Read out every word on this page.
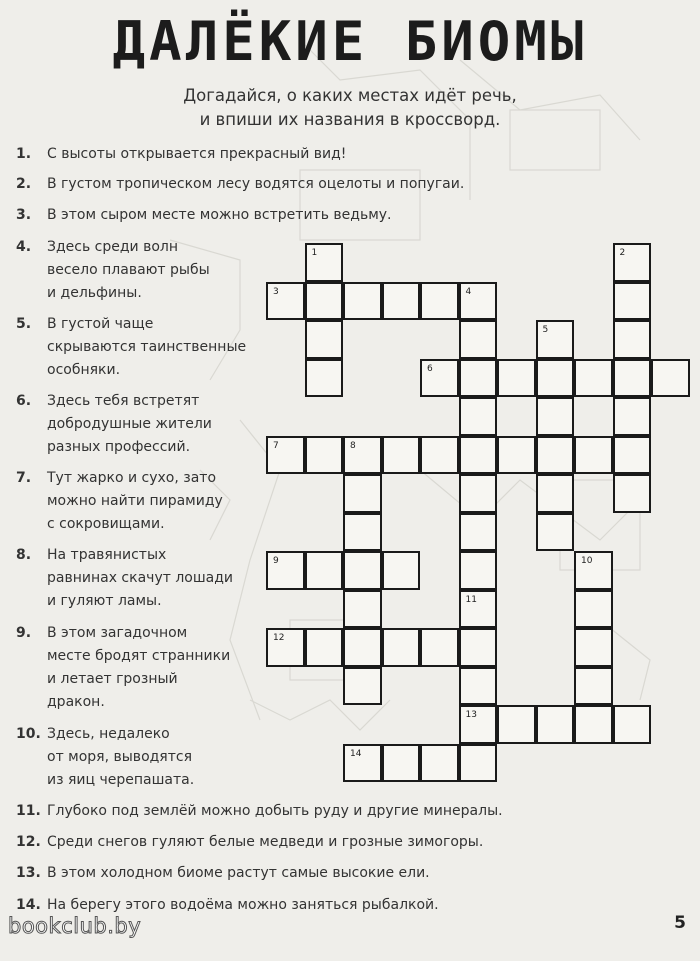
ДАЛЁКИЕ БИОМЫ
Догадайся, о каких местах идёт речь,
и впиши их названия в кроссворд.
1. С высоты открывается прекрасный вид!
2. В густом тропическом лесу водятся оцелоты и попугаи.
3. В этом сыром месте можно встретить ведьму.
4. Здесь среди волн
весело плавают рыбы
и дельфины.
5. В густой чаще
скрываются таинственные
особняки.
6. Здесь тебя встретят
добродушные жители
разных профессий.
7. Тут жарко и сухо, зато
можно найти пирамиду
с сокровищами.
8. На травянистых
равнинах скачут лошади
и гуляют ламы.
9. В этом загадочном
месте бродят странники
и летает грозный
дракон.
10. Здесь, недалеко
от моря, выводятся
из яиц черепашата.
11. Глубоко под землёй можно добыть руду и другие минералы.
12. Среди снегов гуляют белые медведи и грозные зимогоры.
13. В этом холодном биоме растут самые высокие ели.
14. На берегу этого водоёма можно заняться рыбалкой.
1	2
3	4
5
6
7	8
9	10
11
12
13
14
5
bookclub.by
